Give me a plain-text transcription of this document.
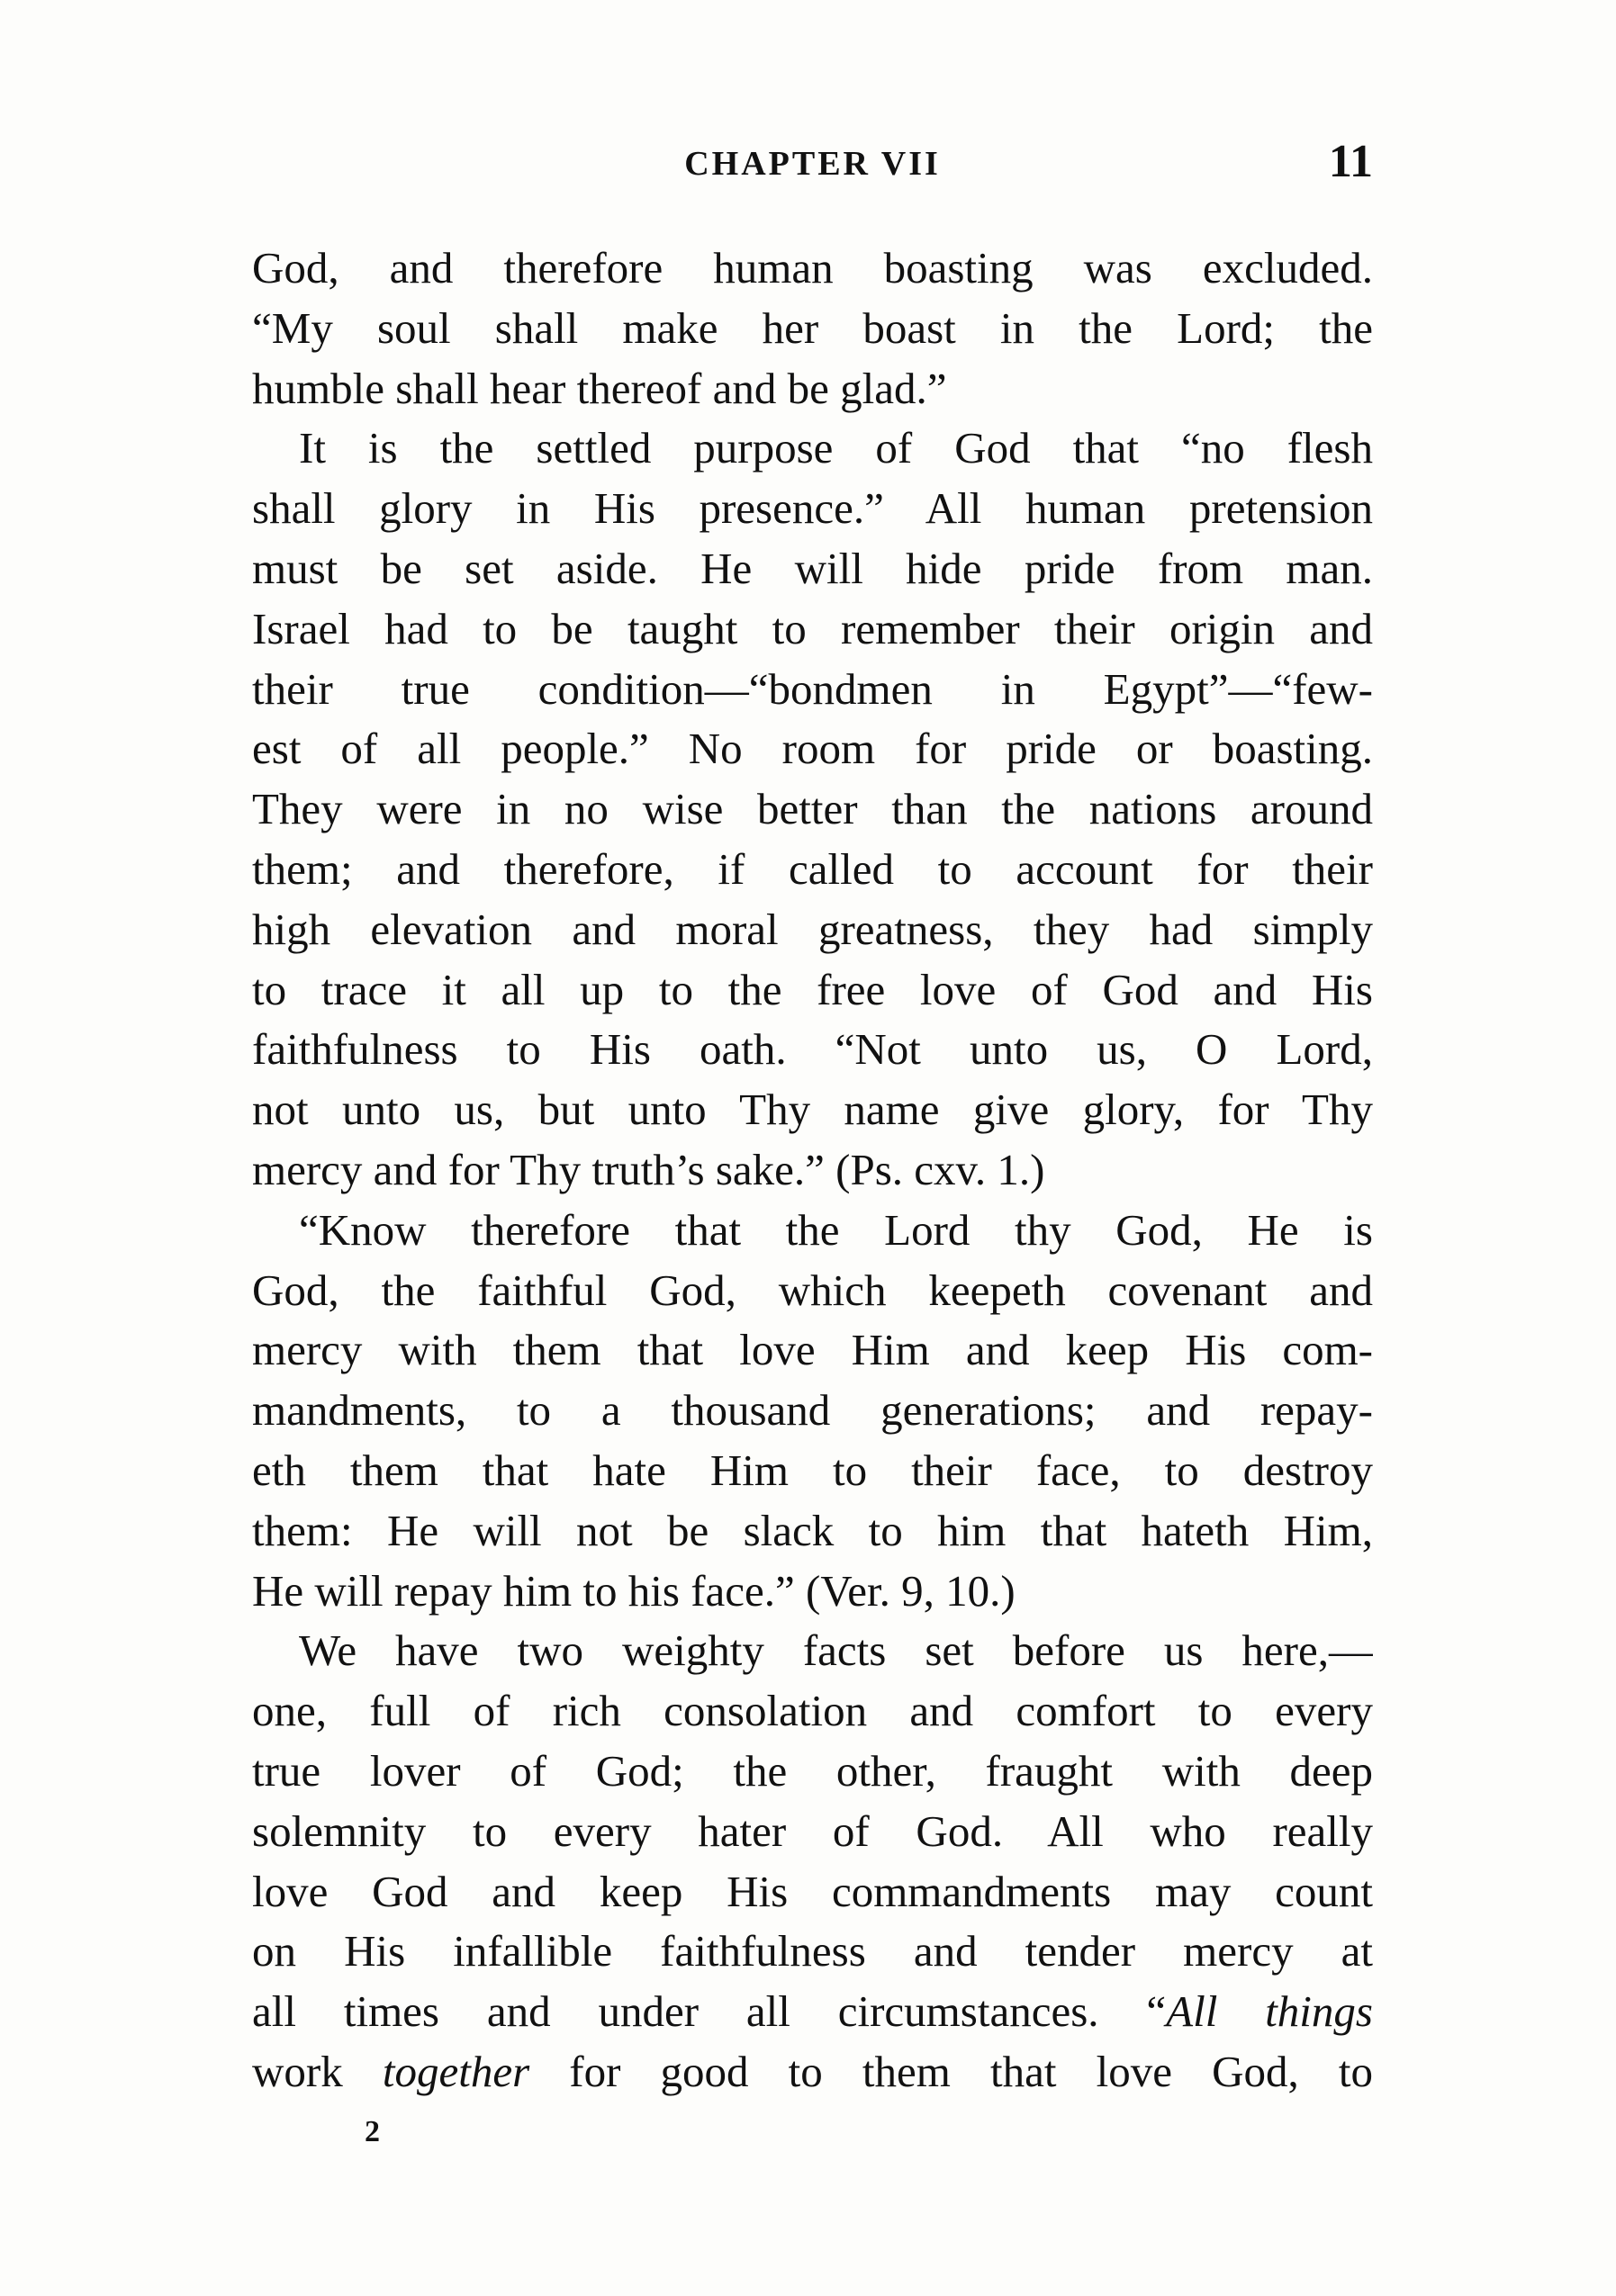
CHAPTER VII	11
God, and therefore human boasting was excluded.
“My soul shall make her boast in the Lord; the
humble shall hear thereof and be glad.”
It is the settled purpose of God that “no flesh
shall glory in His presence.” All human pretension
must be set aside. He will hide pride from man.
Israel had to be taught to remember their origin and
their true condition—“bondmen in Egypt”—“few-
est of all people.” No room for pride or boasting.
They were in no wise better than the nations around
them; and therefore, if called to account for their
high elevation and moral greatness, they had simply
to trace it all up to the free love of God and His
faithfulness to His oath. “Not unto us, O Lord,
not unto us, but unto Thy name give glory, for Thy
mercy and for Thy truth’s sake.” (Ps. cxv. 1.)
“Know therefore that the Lord thy God, He is
God, the faithful God, which keepeth covenant and
mercy with them that love Him and keep His com-
mandments, to a thousand generations; and repay-
eth them that hate Him to their face, to destroy
them: He will not be slack to him that hateth Him,
He will repay him to his face.” (Ver. 9, 10.)
We have two weighty facts set before us here,—
one, full of rich consolation and comfort to every
true lover of God; the other, fraught with deep
solemnity to every hater of God. All who really
love God and keep His commandments may count
on His infallible faithfulness and tender mercy at
all times and under all circumstances. “All things
work together for good to them that love God, to
2
